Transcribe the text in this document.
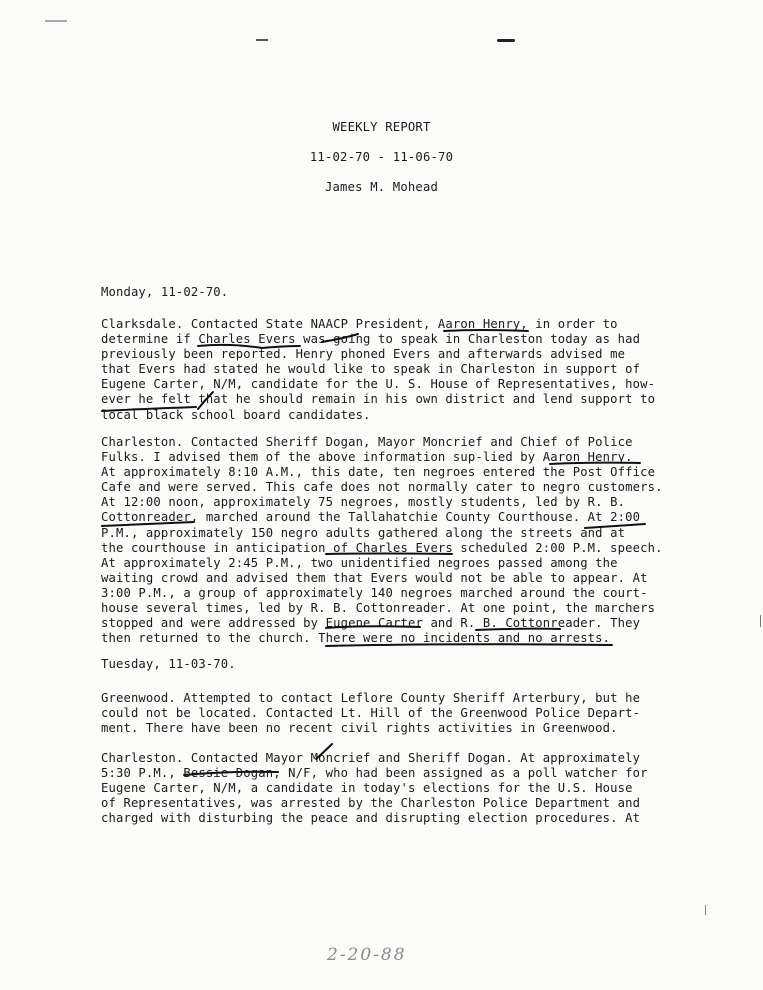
WEEKLY REPORT
11-02-70 - 11-06-70
James M. Mohead
Monday, 11-02-70.
Clarksdale. Contacted State NAACP President, Aaron Henry, in order to
determine if Charles Evers was going to speak in Charleston today as had
previously been reported. Henry phoned Evers and afterwards advised me
that Evers had stated he would like to speak in Charleston in support of
Eugene Carter, N/M, candidate for the U. S. House of Representatives, how-
ever he felt that he should remain in his own district and lend support to
local black school board candidates.
Charleston. Contacted Sheriff Dogan, Mayor Moncrief and Chief of Police
Fulks. I advised them of the above information sup-lied by Aaron Henry.
At approximately 8:10 A.M., this date, ten negroes entered the Post Office
Cafe and were served. This cafe does not normally cater to negro customers.
At 12:00 noon, approximately 75 negroes, mostly students, led by R. B.
Cottonreader, marched around the Tallahatchie County Courthouse. At 2:00
P.M., approximately 150 negro adults gathered along the streets and at
the courthouse in anticipation of Charles Evers scheduled 2:00 P.M. speech.
At approximately 2:45 P.M., two unidentified negroes passed among the
waiting crowd and advised them that Evers would not be able to appear. At
3:00 P.M., a group of approximately 140 negroes marched around the court-
house several times, led by R. B. Cottonreader. At one point, the marchers
stopped and were addressed by Eugene Carter and R. B. Cottonreader. They
then returned to the church. There were no incidents and no arrests.
Tuesday, 11-03-70.
Greenwood. Attempted to contact Leflore County Sheriff Arterbury, but he
could not be located. Contacted Lt. Hill of the Greenwood Police Depart-
ment. There have been no recent civil rights activities in Greenwood.
Charleston. Contacted Mayor Moncrief and Sheriff Dogan. At approximately
5:30 P.M., Bessie Dogan, N/F, who had been assigned as a poll watcher for
Eugene Carter, N/M, a candidate in today's elections for the U.S. House
of Representatives, was arrested by the Charleston Police Department and
charged with disturbing the peace and disrupting election procedures. At
2-20-88
